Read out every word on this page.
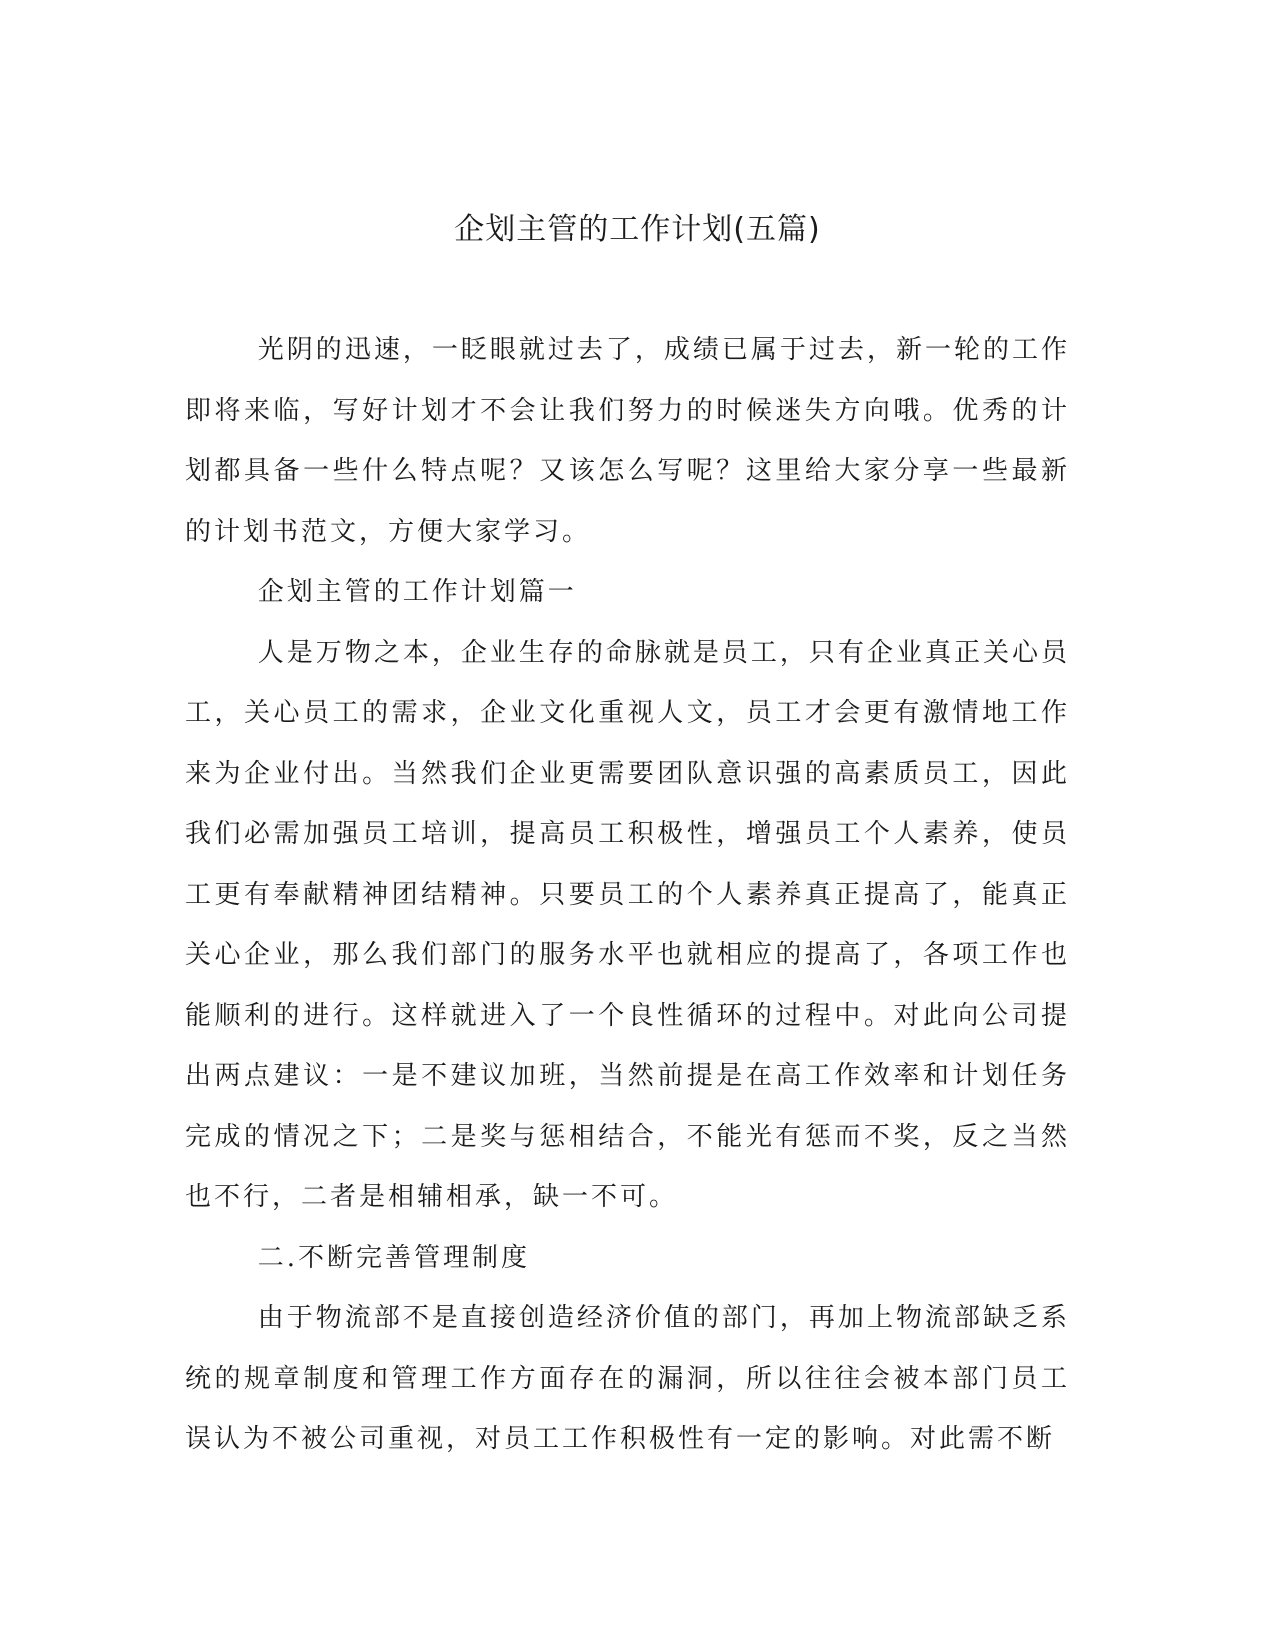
企划主管的工作计划(五篇)

光阴的迅速，一眨眼就过去了，成绩已属于过去，新一轮的工作即将来临，写好计划才不会让我们努力的时候迷失方向哦。优秀的计划都具备一些什么特点呢？又该怎么写呢？这里给大家分享一些最新的计划书范文，方便大家学习。

企划主管的工作计划篇一

人是万物之本，企业生存的命脉就是员工，只有企业真正关心员工，关心员工的需求，企业文化重视人文，员工才会更有激情地工作来为企业付出。当然我们企业更需要团队意识强的高素质员工，因此我们必需加强员工培训，提高员工积极性，增强员工个人素养，使员工更有奉献精神团结精神。只要员工的个人素养真正提高了，能真正关心企业，那么我们部门的服务水平也就相应的提高了，各项工作也能顺利的进行。这样就进入了一个良性循环的过程中。对此向公司提出两点建议：一是不建议加班，当然前提是在高工作效率和计划任务完成的情况之下；二是奖与惩相结合，不能光有惩而不奖，反之当然也不行，二者是相辅相承，缺一不可。

二.不断完善管理制度

由于物流部不是直接创造经济价值的部门，再加上物流部缺乏系统的规章制度和管理工作方面存在的漏洞，所以往往会被本部门员工误认为不被公司重视，对员工工作积极性有一定的影响。对此需不断
